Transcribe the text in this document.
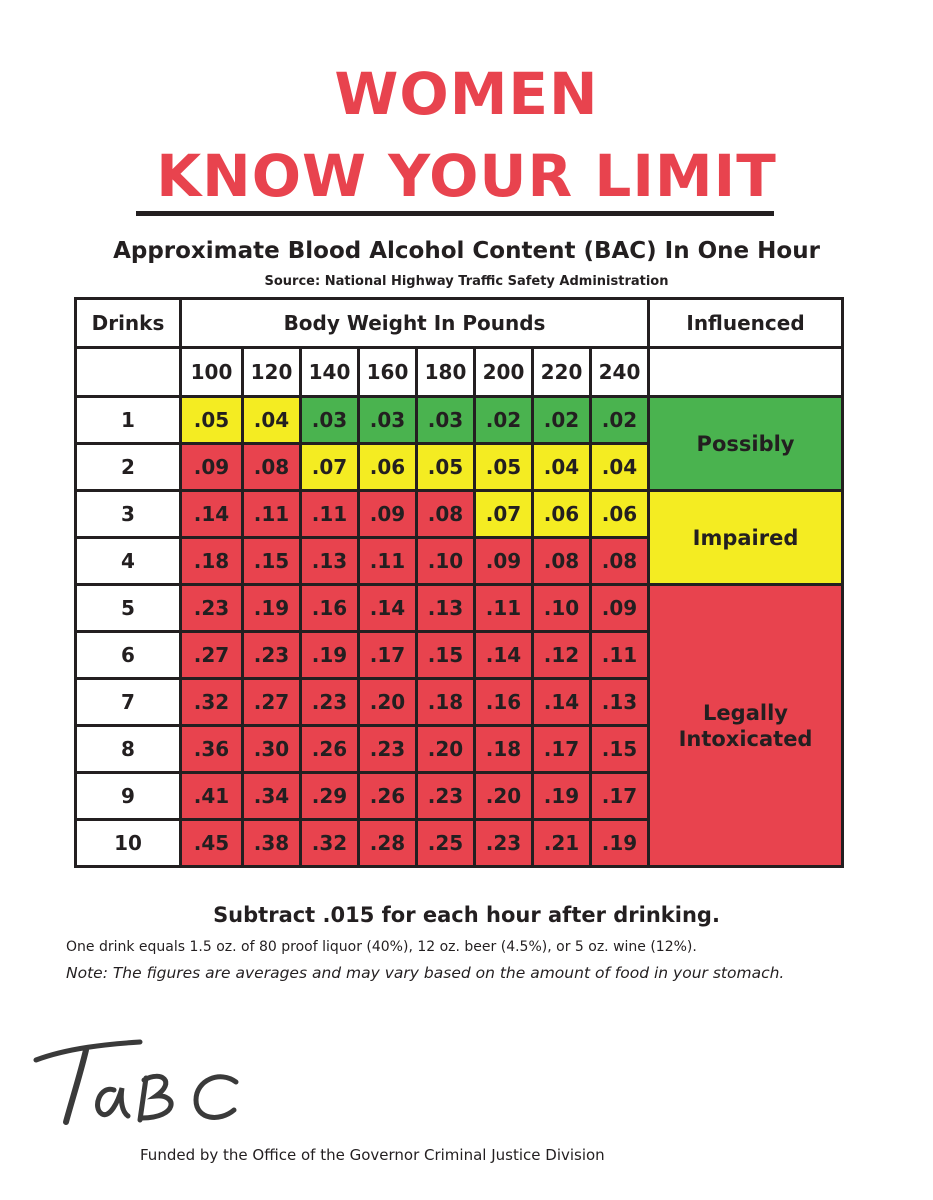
WOMEN
KNOW YOUR LIMIT
Approximate Blood Alcohol Content (BAC) In One Hour
Source: National Highway Traffic Safety Administration
Drinks	Body Weight In Pounds								Influenced
	100	120	140	160	180	200	220	240	
1	.05	.04	.03	.03	.03	.02	.02	.02	Possibly
2	.09	.08	.07	.06	.05	.05	.04	.04	
3	.14	.11	.11	.09	.08	.07	.06	.06	Impaired
4	.18	.15	.13	.11	.10	.09	.08	.08	
5	.23	.19	.16	.14	.13	.11	.10	.09	Legally
Intoxicated

6	.27	.23	.19	.17	.15	.14	.12	.11	
7	.32	.27	.23	.20	.18	.16	.14	.13	
8	.36	.30	.26	.23	.20	.18	.17	.15	
9	.41	.34	.29	.26	.23	.20	.19	.17	
10	.45	.38	.32	.28	.25	.23	.21	.19	
Subtract .015 for each hour after drinking.
One drink equals 1.5 oz. of 80 proof liquor (40%), 12 oz. beer (4.5%), or 5 oz. wine (12%).
Note: The figures are averages and may vary based on the amount of food in your stomach.
Funded by the Office of the Governor Criminal Justice Division
